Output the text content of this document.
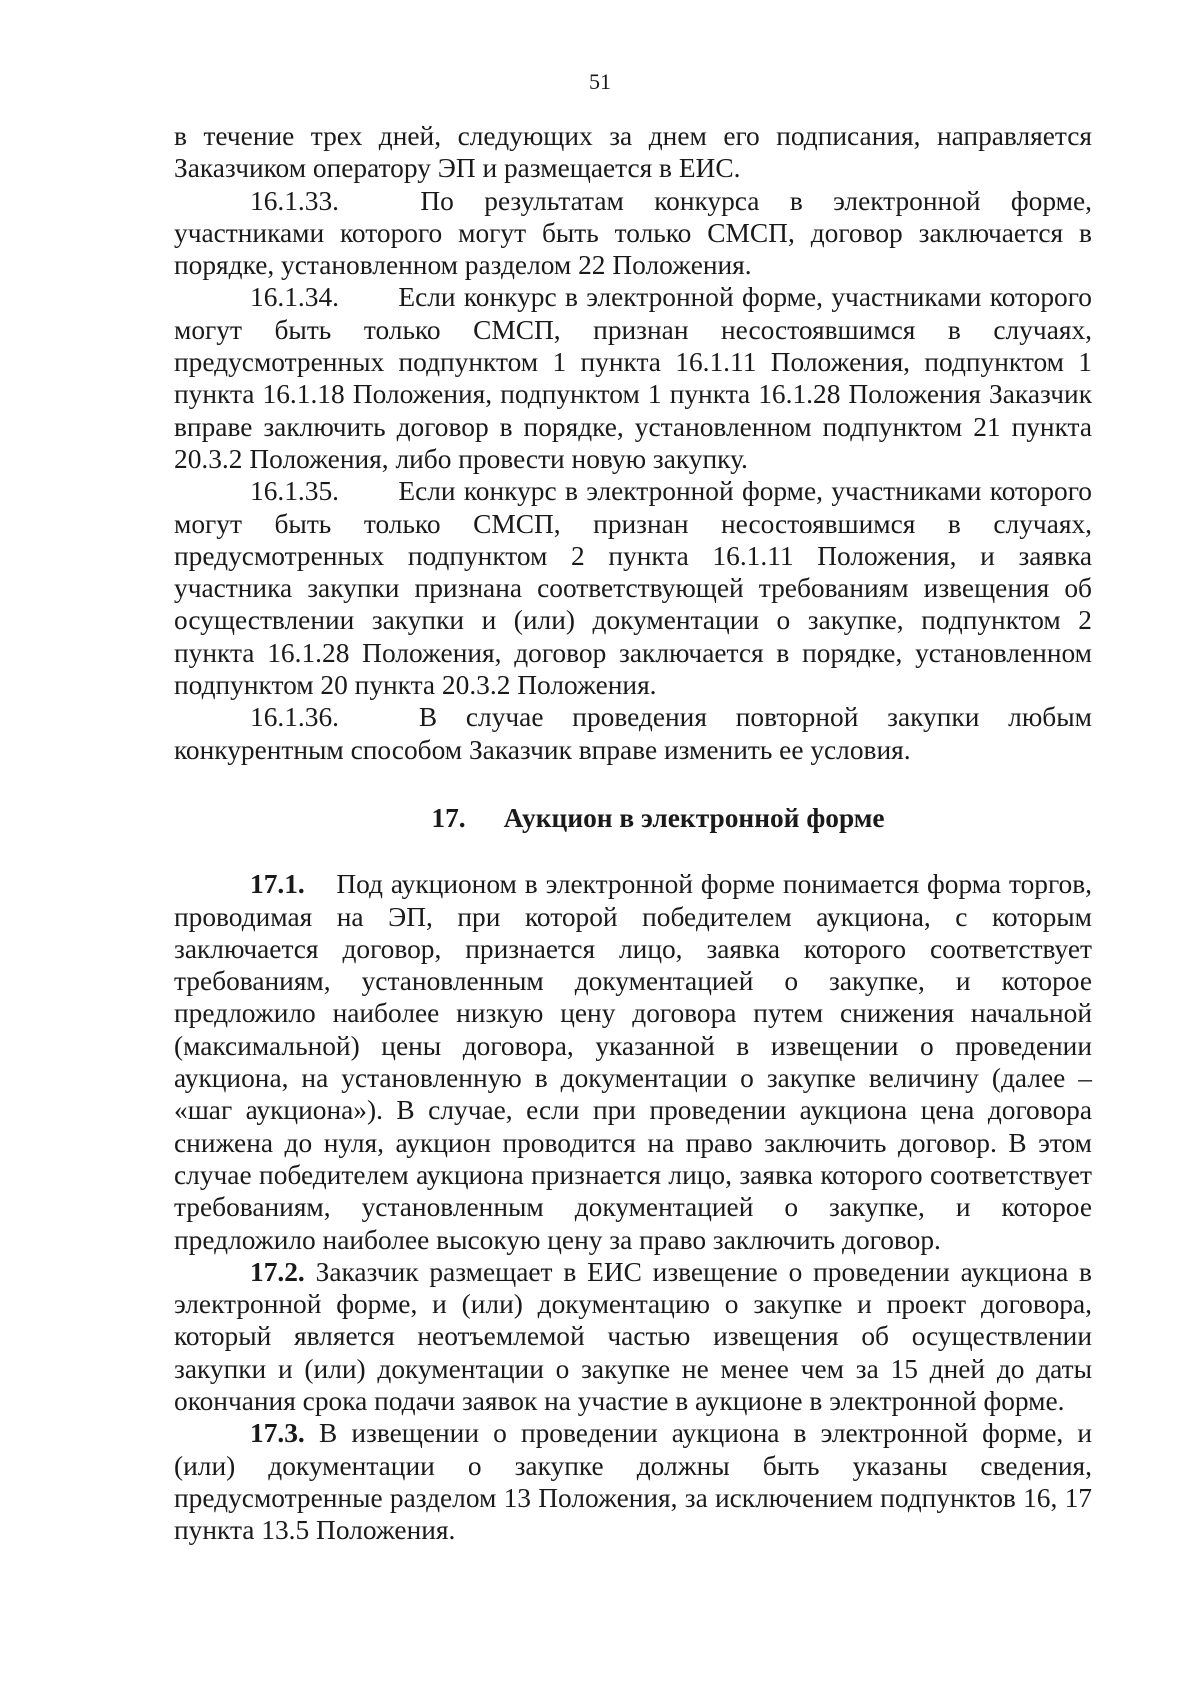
51

в течение трех дней, следующих за днем его подписания, направляется Заказчиком оператору ЭП и размещается в ЕИС.

16.1.33.	По результатам конкурса в электронной форме, участниками которого могут быть только СМСП, договор заключается в порядке, установленном разделом 22 Положения.

16.1.34. Если конкурс в электронной форме, участниками которого могут быть только СМСП, признан несостоявшимся в случаях, предусмотренных подпунктом 1 пункта 16.1.11 Положения, подпунктом 1 пункта 16.1.18 Положения, подпунктом 1 пункта 16.1.28 Положения Заказчик вправе заключить договор в порядке, установленном подпунктом 21 пункта 20.3.2 Положения, либо провести новую закупку.

16.1.35. Если конкурс в электронной форме, участниками которого могут быть только СМСП, признан несостоявшимся в случаях, предусмотренных подпунктом 2 пункта 16.1.11 Положения, и заявка участника закупки признана соответствующей требованиям извещения об осуществлении закупки и (или) документации о закупке, подпунктом 2 пункта 16.1.28 Положения, договор заключается в порядке, установленном подпунктом 20 пункта 20.3.2 Положения.

16.1.36.	В случае проведения повторной закупки любым конкурентным способом Заказчик вправе изменить ее условия.

17. Аукцион в электронной форме

17.1. Под аукционом в электронной форме понимается форма торгов, проводимая на ЭП, при которой победителем аукциона, с которым заключается договор, признается лицо, заявка которого соответствует требованиям, установленным документацией о закупке, и которое предложило наиболее низкую цену договора путем снижения начальной (максимальной) цены договора, указанной в извещении о проведении аукциона, на установленную в документации о закупке величину (далее – «шаг аукциона»). В случае, если при проведении аукциона цена договора снижена до нуля, аукцион проводится на право заключить договор. В этом случае победителем аукциона признается лицо, заявка которого соответствует требованиям, установленным документацией о закупке, и которое предложило наиболее высокую цену за право заключить договор.

17.2. Заказчик размещает в ЕИС извещение о проведении аукциона в электронной форме, и (или) документацию о закупке и проект договора, который является неотъемлемой частью извещения об осуществлении закупки и (или) документации о закупке не менее чем за 15 дней до даты окончания срока подачи заявок на участие в аукционе в электронной форме.

17.3. В извещении о проведении аукциона в электронной форме, и (или) документации о закупке должны быть указаны сведения, предусмотренные разделом 13 Положения, за исключением подпунктов 16, 17 пункта 13.5 Положения.
